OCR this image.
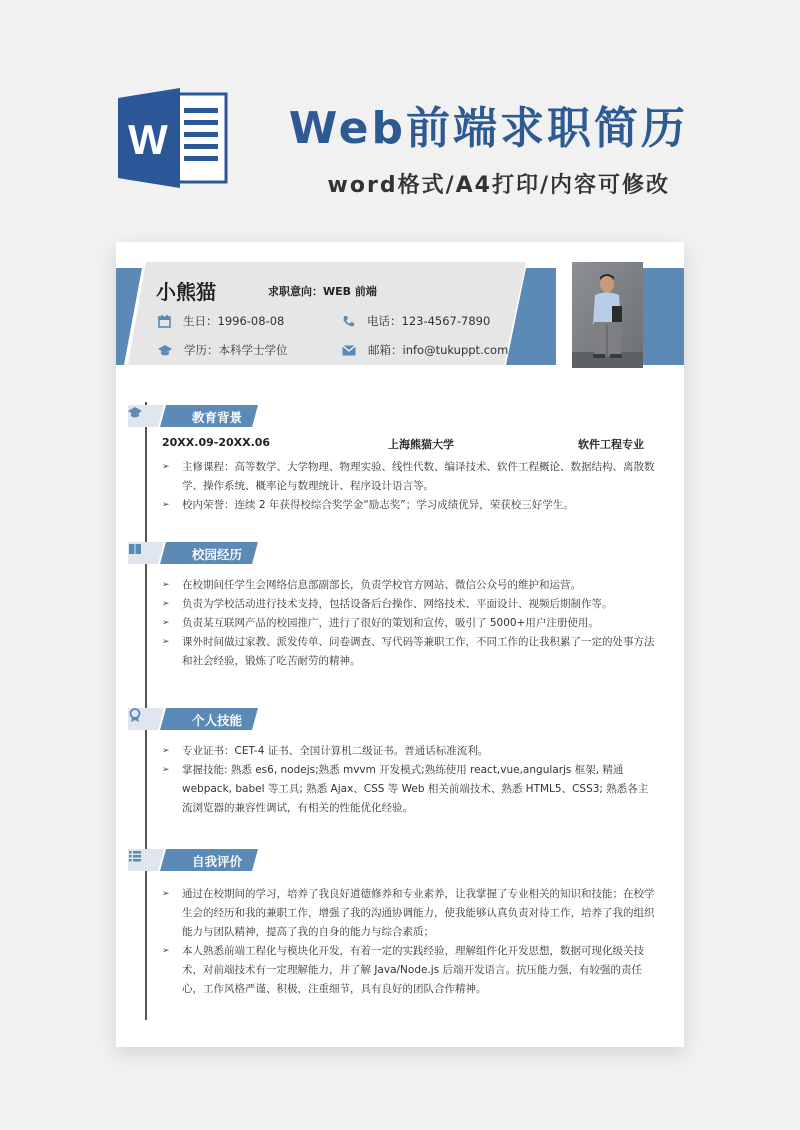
W	Web前端求职简历
word格式/A4打印/内容可修改
小熊猫	求职意向：WEB 前端
生日：1996-08-08
学历：本科学士学位
电话：123-4567-7890
邮箱：info@tukuppt.com
教育背景
20XX.09-20XX.06	上海熊猫大学	软件工程专业
➢ 主修课程：高等数学、大学物理、物理实验、线性代数、编译技术、软件工程概论、数据结构、离散数学、操作系统、概率论与数理统计、程序设计语言等。
➢ 校内荣誉：连续 2 年获得校综合奖学金“励志奖”；学习成绩优异，荣获校三好学生。
校园经历
➢ 在校期间任学生会网络信息部副部长，负责学校官方网站、微信公众号的维护和运营。
➢ 负责为学校活动进行技术支持，包括设备后台操作、网络技术、平面设计、视频后期制作等。
➢ 负责某互联网产品的校园推广，进行了很好的策划和宣传，吸引了 5000+用户注册使用。
➢ 课外时间做过家教、派发传单、问卷调查、写代码等兼职工作，不同工作的让我积累了一定的处事方法和社会经验，锻炼了吃苦耐劳的精神。
个人技能
➢ 专业证书：CET-4 证书、全国计算机二级证书。普通话标准流利。
➢ 掌握技能: 熟悉 es6, nodejs;熟悉 mvvm 开发模式;熟练使用 react,vue,angularjs 框架, 精通 webpack, babel 等工具; 熟悉 Ajax、CSS 等 Web 相关前端技术、熟悉 HTML5、CSS3; 熟悉各主流浏览器的兼容性调试，有相关的性能优化经验。
自我评价
➢ 通过在校期间的学习，培养了我良好道德修养和专业素养，让我掌握了专业相关的知识和技能；在校学生会的经历和我的兼职工作，增强了我的沟通协调能力，使我能够认真负责对待工作，培养了我的组织能力与团队精神，提高了我的自身的能力与综合素质；
➢ 本人熟悉前端工程化与模块化开发，有着一定的实践经验，理解组件化开发思想，数据可现化级关技术，对前端技术有一定理解能力，并了解 Java/Node.js 后端开发语言。抗压能力强，有较强的责任心，工作风格严谨、积极，注重细节，具有良好的团队合作精神。
